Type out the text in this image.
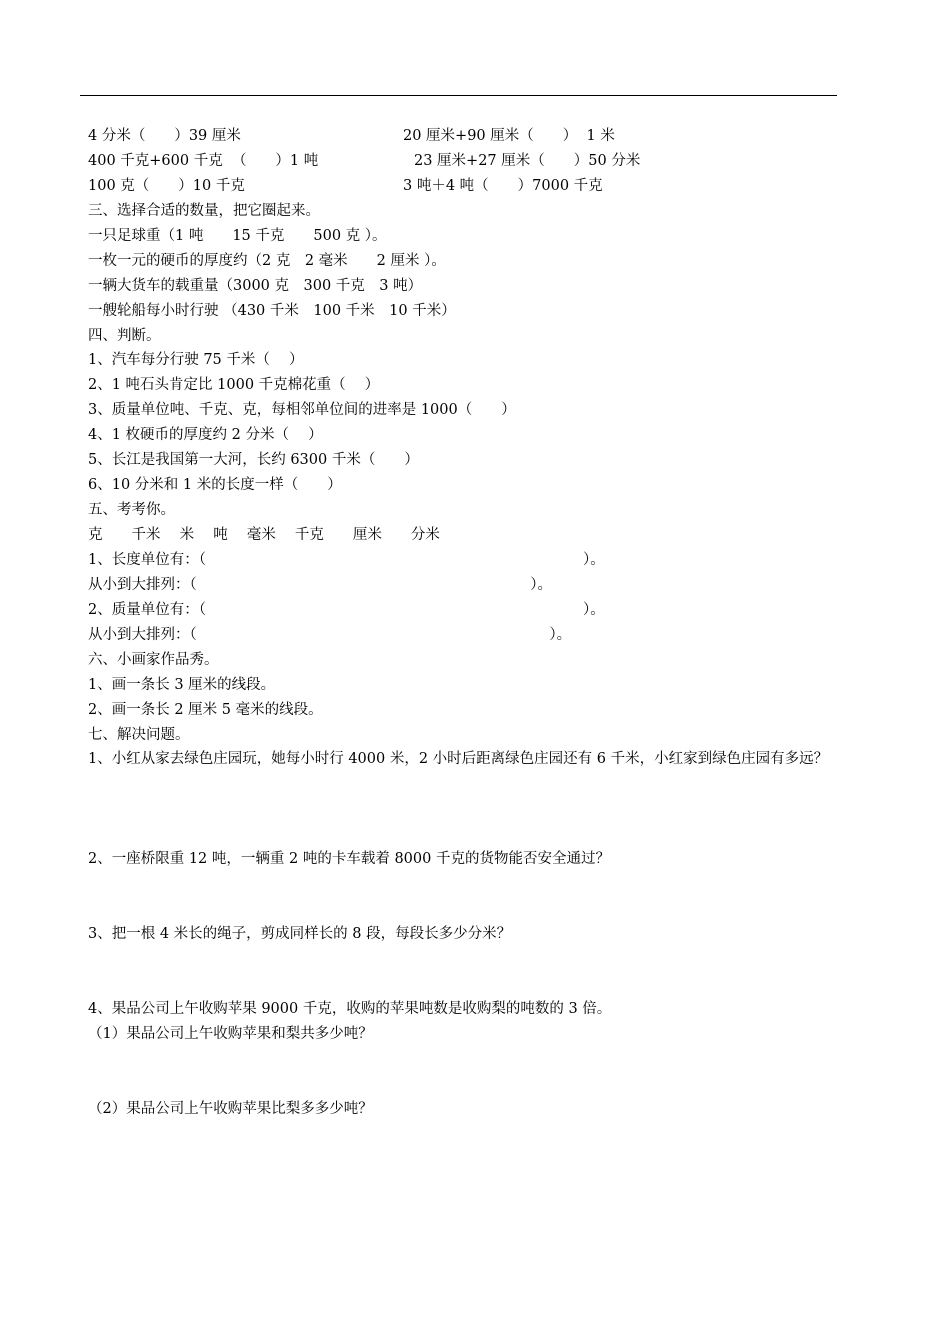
4 分米（　　）39 厘米	20 厘米+90 厘米（　　）  1 米
400 千克+600 千克  （　　）1 吨	23 厘米+27 厘米（　　）50 分米
100 克（　　）10 千克	3 吨＋4 吨（　　）7000 千克
三、选择合适的数量，把它圈起来。
一只足球重（1 吨　　15 千克　　500 克 ）。
一枚一元的硬币的厚度约（2 克　2 毫米　　2 厘米 ）。
一辆大货车的载重量（3000 克　300 千克　3 吨）
一艘轮船每小时行驶 （430 千米　100 千米　10 千米）
四、判断。
1、汽车每分行驶 75 千米（　 ）
2、1 吨石头肯定比 1000 千克棉花重（　 ）
3、质量单位吨、千克、克，每相邻单位间的进率是 1000（　　）
4、1 枚硬币的厚度约 2 分米（　 ）
5、长江是我国第一大河，长约 6300 千米（　　）
6、10 分米和 1 米的长度一样（　　）
五、考考你。
克　　千米　 米　 吨　 毫米　 千克　　厘米　　分米
1、长度单位有：（　　　　　　　　　　　　　　　　　　　　　　　　　　）。
从小到大排列：（　　　　　　　　　　　　　　　　　　　　　　　）。
2、质量单位有：（　　　　　　　　　　　　　　　　　　　　　　　　　　）。
从小到大排列：（　　　　　　　　　　　　　　　　　　　　　　　　 ）。
六、小画家作品秀。
1、画一条长 3 厘米的线段。
2、画一条长 2 厘米 5 毫米的线段。
七、解决问题。
1、小红从家去绿色庄园玩，她每小时行 4000 米，2 小时后距离绿色庄园还有 6 千米，小红家到绿色庄园有多远？
2、一座桥限重 12 吨，一辆重 2 吨的卡车载着 8000 千克的货物能否安全通过？
3、把一根 4 米长的绳子，剪成同样长的 8 段，每段长多少分米？
4、果品公司上午收购苹果 9000 千克，收购的苹果吨数是收购梨的吨数的 3 倍。
（1）果品公司上午收购苹果和梨共多少吨？
（2）果品公司上午收购苹果比梨多多少吨？
